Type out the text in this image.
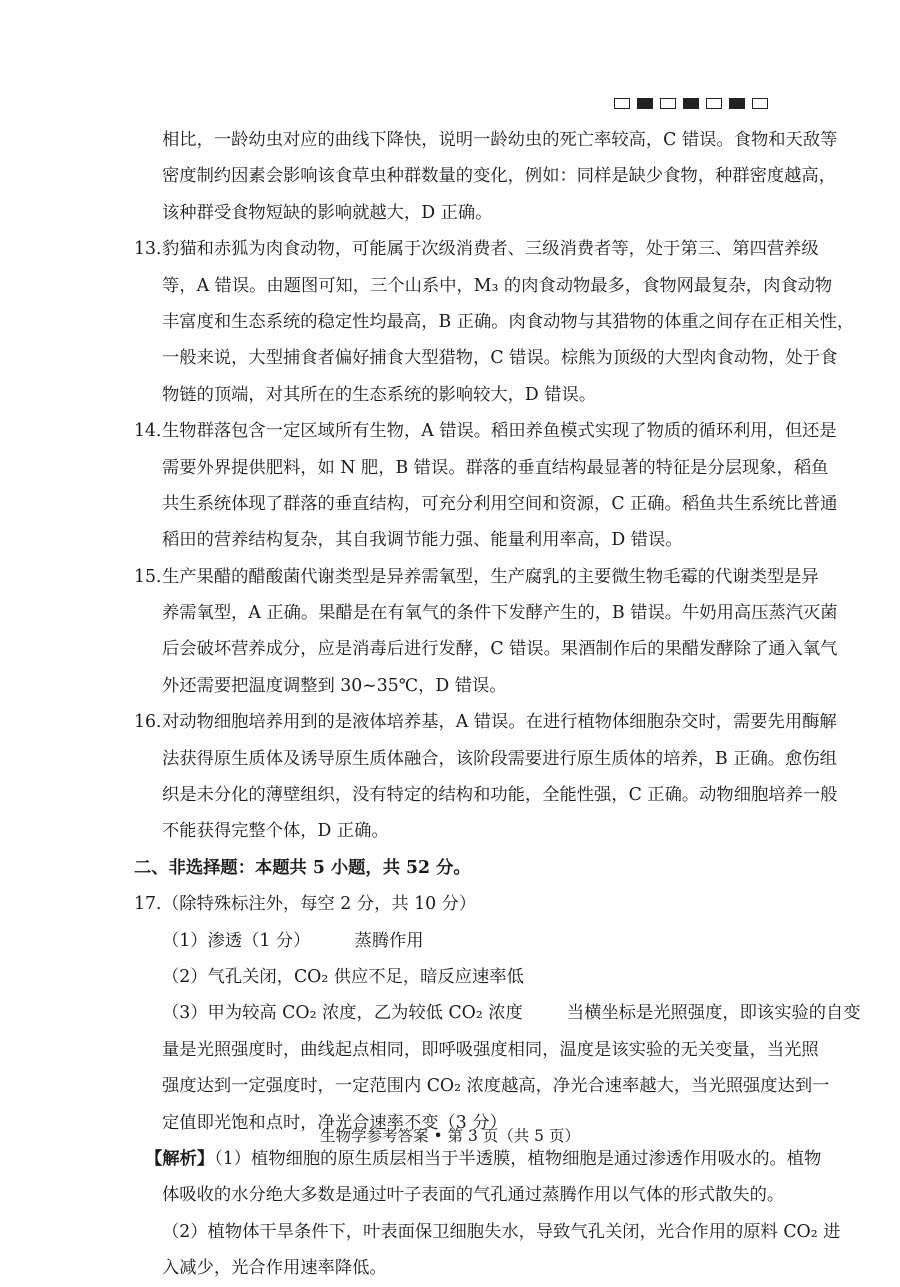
相比，一龄幼虫对应的曲线下降快，说明一龄幼虫的死亡率较高，C 错误。食物和天敌等
密度制约因素会影响该食草虫种群数量的变化，例如：同样是缺少食物，种群密度越高，
该种群受食物短缺的影响就越大，D 正确。
13．
豹猫和赤狐为肉食动物，可能属于次级消费者、三级消费者等，处于第三、第四营养级
等，A 错误。由题图可知，三个山系中，M₃ 的肉食动物最多，食物网最复杂，肉食动物
丰富度和生态系统的稳定性均最高，B 正确。肉食动物与其猎物的体重之间存在正相关性，
一般来说，大型捕食者偏好捕食大型猎物，C 错误。棕熊为顶级的大型肉食动物，处于食
物链的顶端，对其所在的生态系统的影响较大，D 错误。
14．
生物群落包含一定区域所有生物，A 错误。稻田养鱼模式实现了物质的循环利用，但还是
需要外界提供肥料，如 N 肥，B 错误。群落的垂直结构最显著的特征是分层现象，稻鱼
共生系统体现了群落的垂直结构，可充分利用空间和资源，C 正确。稻鱼共生系统比普通
稻田的营养结构复杂，其自我调节能力强、能量利用率高，D 错误。
15．
生产果醋的醋酸菌代谢类型是异养需氧型，生产腐乳的主要微生物毛霉的代谢类型是异
养需氧型，A 正确。果醋是在有氧气的条件下发酵产生的，B 错误。牛奶用高压蒸汽灭菌
后会破坏营养成分，应是消毒后进行发酵，C 错误。果酒制作后的果醋发酵除了通入氧气
外还需要把温度调整到 30~35℃，D 错误。
16．
对动物细胞培养用到的是液体培养基，A 错误。在进行植物体细胞杂交时，需要先用酶解
法获得原生质体及诱导原生质体融合，该阶段需要进行原生质体的培养，B 正确。愈伤组
织是未分化的薄壁组织，没有特定的结构和功能，全能性强，C 正确。动物细胞培养一般
不能获得完整个体，D 正确。
二、非选择题：本题共 5 小题，共 52 分。
17．
（除特殊标注外，每空 2 分，共 10 分）
（1）渗透（1 分）	蒸腾作用
（2）气孔关闭，CO₂ 供应不足，暗反应速率低
（3）甲为较高 CO₂ 浓度，乙为较低 CO₂ 浓度	当横坐标是光照强度，即该实验的自变
量是光照强度时，曲线起点相同，即呼吸强度相同，温度是该实验的无关变量，当光照
强度达到一定强度时，一定范围内 CO₂ 浓度越高，净光合速率越大，当光照强度达到一
定值即光饱和点时，净光合速率不变（3 分）
【解析】（1）植物细胞的原生质层相当于半透膜，植物细胞是通过渗透作用吸水的。植物
体吸收的水分绝大多数是通过叶子表面的气孔通过蒸腾作用以气体的形式散失的。
（2）植物体干旱条件下，叶表面保卫细胞失水，导致气孔关闭，光合作用的原料 CO₂ 进
入减少，光合作用速率降低。
生物学参考答案 • 第 3 页（共 5 页）
